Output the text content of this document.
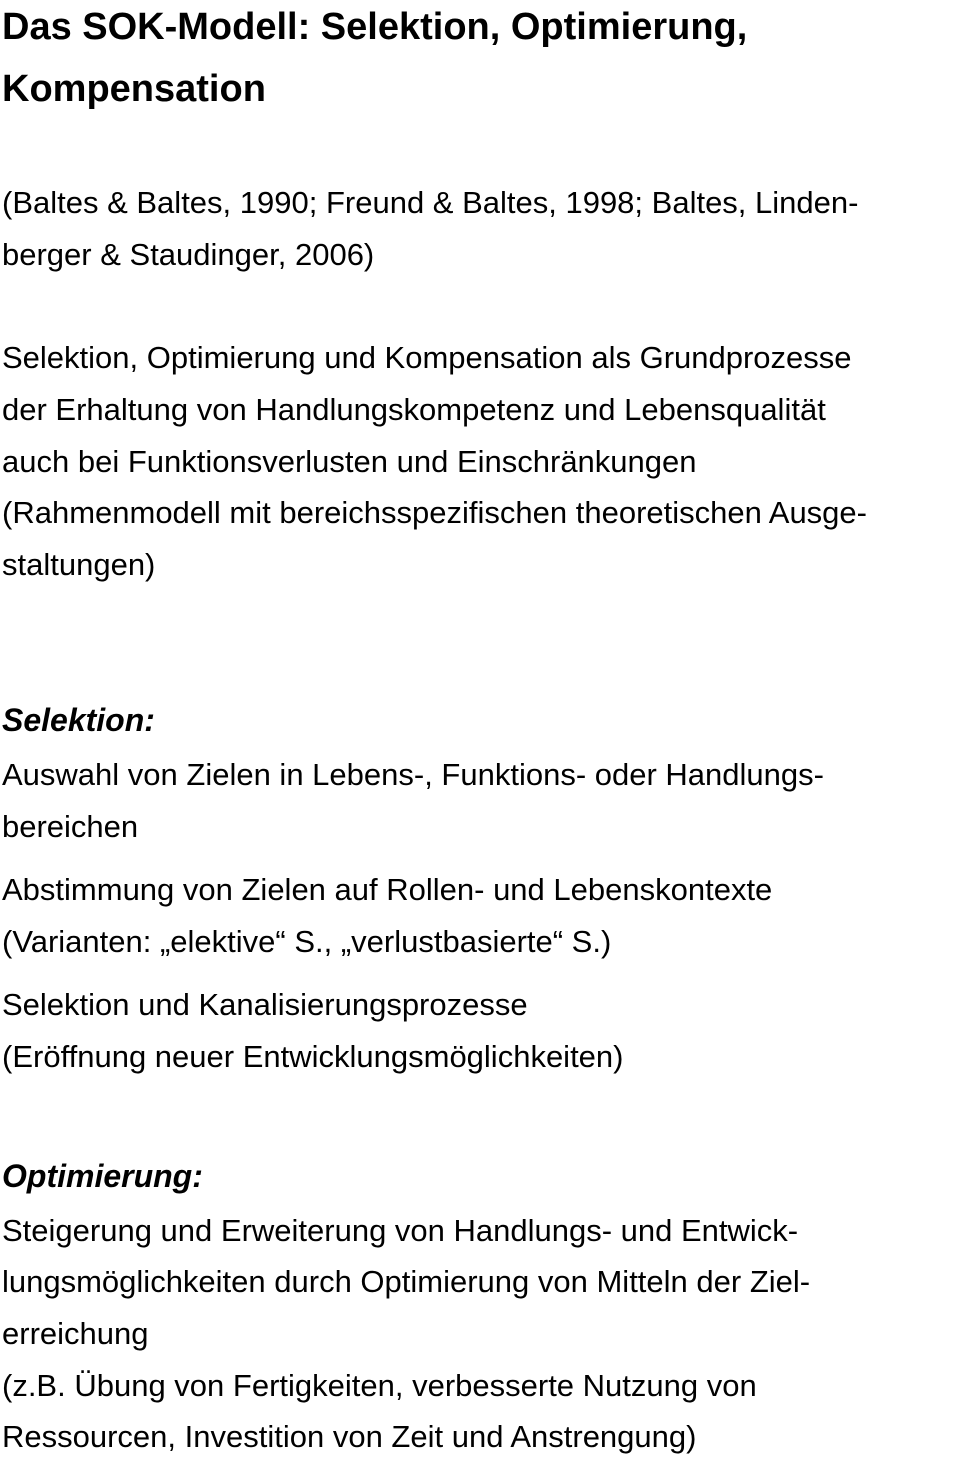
Das SOK-Modell: Selektion, Optimierung,
Kompensation
(Baltes & Baltes, 1990; Freund & Baltes, 1998; Baltes, Linden-
berger & Staudinger, 2006)
Selektion, Optimierung und Kompensation als Grundprozesse
der Erhaltung von Handlungskompetenz und Lebensqualität
auch bei Funktionsverlusten und Einschränkungen
(Rahmenmodell mit bereichsspezifischen theoretischen Ausge-
staltungen)
Selektion:
Auswahl von Zielen in Lebens-, Funktions- oder Handlungs-
bereichen
Abstimmung von Zielen auf Rollen- und Lebenskontexte
(Varianten: „elektive“ S., „verlustbasierte“ S.)
Selektion und Kanalisierungsprozesse
(Eröffnung neuer Entwicklungsmöglichkeiten)
Optimierung:
Steigerung und Erweiterung von Handlungs- und Entwick-
lungsmöglichkeiten durch Optimierung von Mitteln der Ziel-
erreichung
(z.B. Übung von Fertigkeiten, verbesserte Nutzung von
Ressourcen, Investition von Zeit und Anstrengung)
